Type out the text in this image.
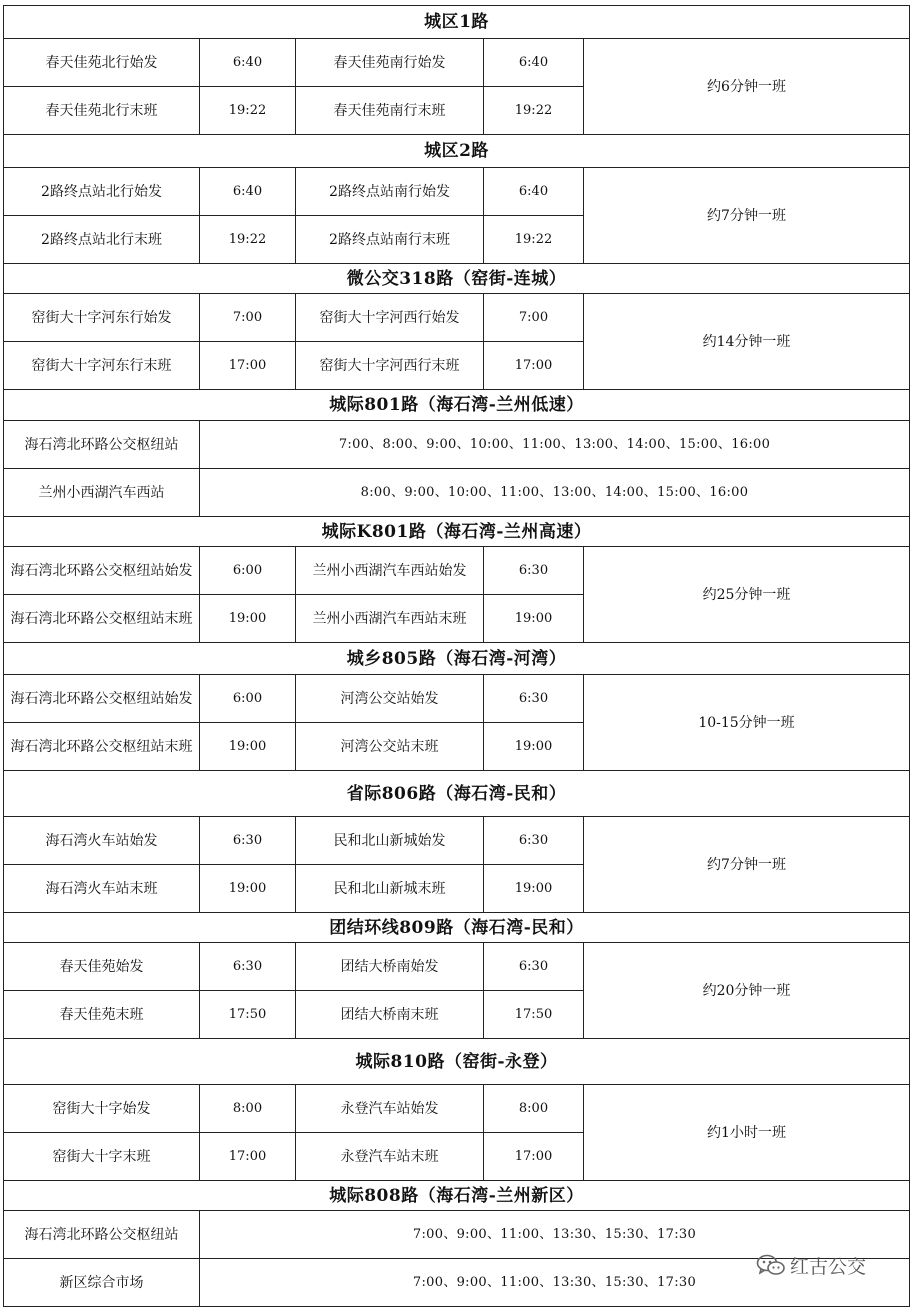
城区1路				
春天佳苑北行始发	6:40	春天佳苑南行始发	6:40	约6分钟一班
春天佳苑北行末班	19:22	春天佳苑南行末班	19:22	
城区2路				
2路终点站北行始发	6:40	2路终点站南行始发	6:40	约7分钟一班
2路终点站北行末班	19:22	2路终点站南行末班	19:22	
微公交318路（窑街-连城）				
窑街大十字河东行始发	7:00	窑街大十字河西行始发	7:00	约14分钟一班
窑街大十字河东行末班	17:00	窑街大十字河西行末班	17:00	
城际801路（海石湾-兰州低速）				
海石湾北环路公交枢纽站	7:00、8:00、9:00、10:00、11:00、13:00、14:00、15:00、16:00			
兰州小西湖汽车西站	8:00、9:00、10:00、11:00、13:00、14:00、15:00、16:00			
城际K801路（海石湾-兰州高速）				
海石湾北环路公交枢纽站始发	6:00	兰州小西湖汽车西站始发	6:30	约25分钟一班
海石湾北环路公交枢纽站末班	19:00	兰州小西湖汽车西站末班	19:00	
城乡805路（海石湾-河湾）				
海石湾北环路公交枢纽站始发	6:00	河湾公交站始发	6:30	10-15分钟一班
海石湾北环路公交枢纽站末班	19:00	河湾公交站末班	19:00	
省际806路（海石湾-民和）				
海石湾火车站始发	6:30	民和北山新城始发	6:30	约7分钟一班
海石湾火车站末班	19:00	民和北山新城末班	19:00	
团结环线809路（海石湾-民和）				
春天佳苑始发	6:30	团结大桥南始发	6:30	约20分钟一班
春天佳苑末班	17:50	团结大桥南末班	17:50	
城际810路（窑街-永登）				
窑街大十字始发	8:00	永登汽车站始发	8:00	约1小时一班
窑街大十字末班	17:00	永登汽车站末班	17:00	
城际808路（海石湾-兰州新区）				
海石湾北环路公交枢纽站	7:00、9:00、11:00、13:30、15:30、17:30			
新区综合市场	7:00、9:00、11:00、13:30、15:30、17:30			
红古公交
